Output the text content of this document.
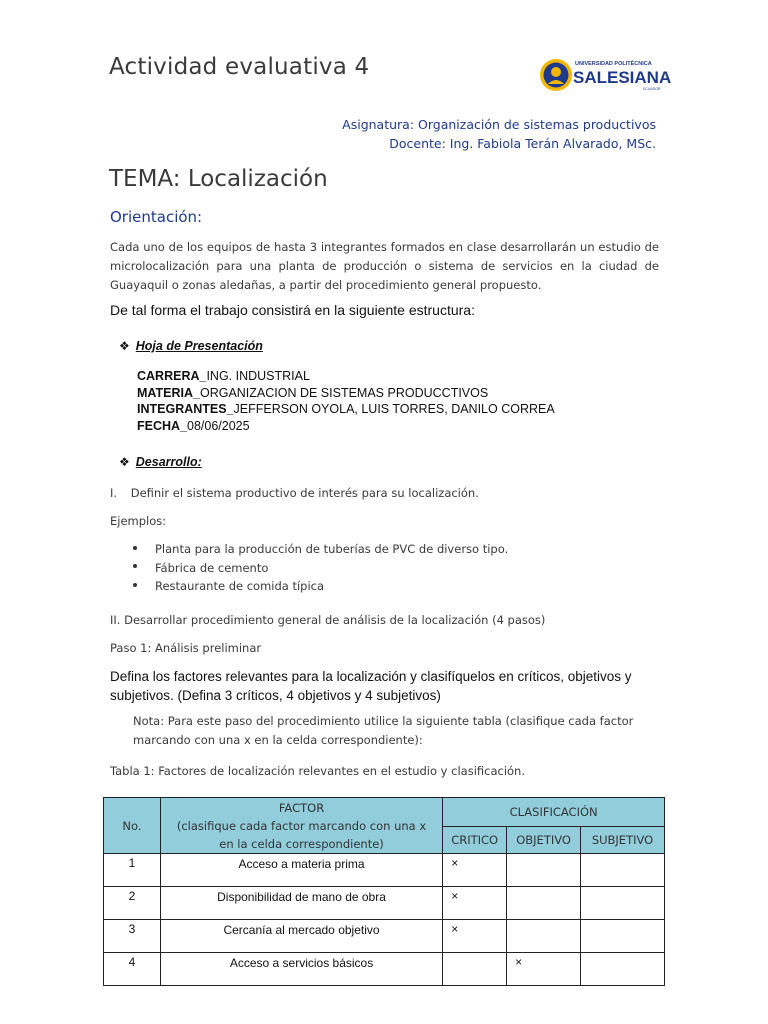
Actividad evaluativa 4	UNIVERSIDAD POLITÉCNICA
SALESIANA
ECUADOR
Asignatura: Organización de sistemas productivos
Docente: Ing. Fabiola Terán Alvarado, MSc.
TEMA: Localización
Orientación:
Cada uno de los equipos de hasta 3 integrantes formados en clase desarrollarán un estudio de microlocalización para una planta de producción o sistema de servicios en la ciudad de Guayaquil o zonas aledañas, a partir del procedimiento general propuesto.
De tal forma el trabajo consistirá en la siguiente estructura:
❖ Hoja de Presentación
CARRERA_ING. INDUSTRIAL
MATERIA_ORGANIZACION DE SISTEMAS PRODUCCTIVOS
INTEGRANTES_JEFFERSON OYOLA, LUIS TORRES, DANILO CORREA
FECHA_08/06/2025
❖ Desarrollo:
I. Definir el sistema productivo de interés para su localización.
Ejemplos:
Planta para la producción de tuberías de PVC de diverso tipo.
Fábrica de cemento
Restaurante de comida típica
II. Desarrollar procedimiento general de análisis de la localización (4 pasos)
Paso 1: Análisis preliminar
Defina los factores relevantes para la localización y clasifíquelos en críticos, objetivos y subjetivos. (Defina 3 críticos, 4 objetivos y 4 subjetivos)
Nota: Para este paso del procedimiento utilice la siguiente tabla (clasifique cada factor marcando con una x en la celda correspondiente):
Tabla 1: Factores de localización relevantes en el estudio y clasificación.
No.	FACTOR
(clasifique cada factor marcando con una x en la celda correspondiente)	CLASIFICACIÓN		
		CRITICO	OBJETIVO	SUBJETIVO
1	Acceso a materia prima	×		
2	Disponibilidad de mano de obra	×		
3	Cercanía al mercado objetivo	×		
4	Acceso a servicios básicos		×	
